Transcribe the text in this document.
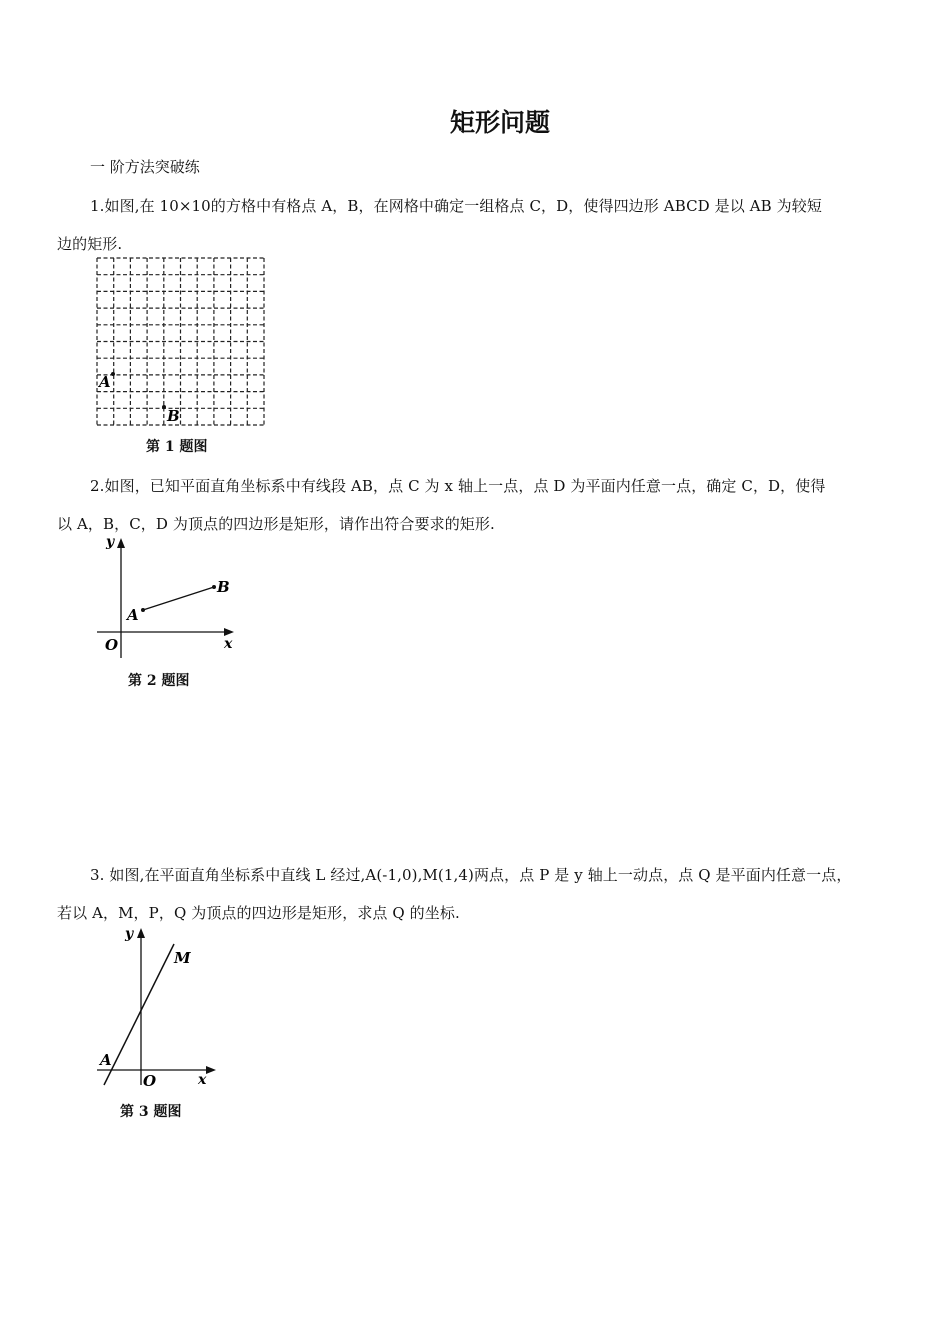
矩形问题
一 阶方法突破练
1.如图,在 10×10的方格中有格点 A，B，在网格中确定一组格点 C，D，使得四边形 ABCD 是以 AB 为较短
边的矩形.
A
B
第 1 题图
2.如图，已知平面直角坐标系中有线段 AB，点 C 为 x 轴上一点，点 D 为平面内任意一点，确定 C，D，使得
以 A，B，C，D 为顶点的四边形是矩形，请作出符合要求的矩形.
y
x
O
A
B
第 2 题图
3. 如图,在平面直角坐标系中直线 L 经过,A(-1,0),M(1,4)两点，点 P 是 y 轴上一动点，点 Q 是平面内任意一点，
若以 A，M，P，Q 为顶点的四边形是矩形，求点 Q 的坐标.
y
x
O
A
M
第 3 题图
